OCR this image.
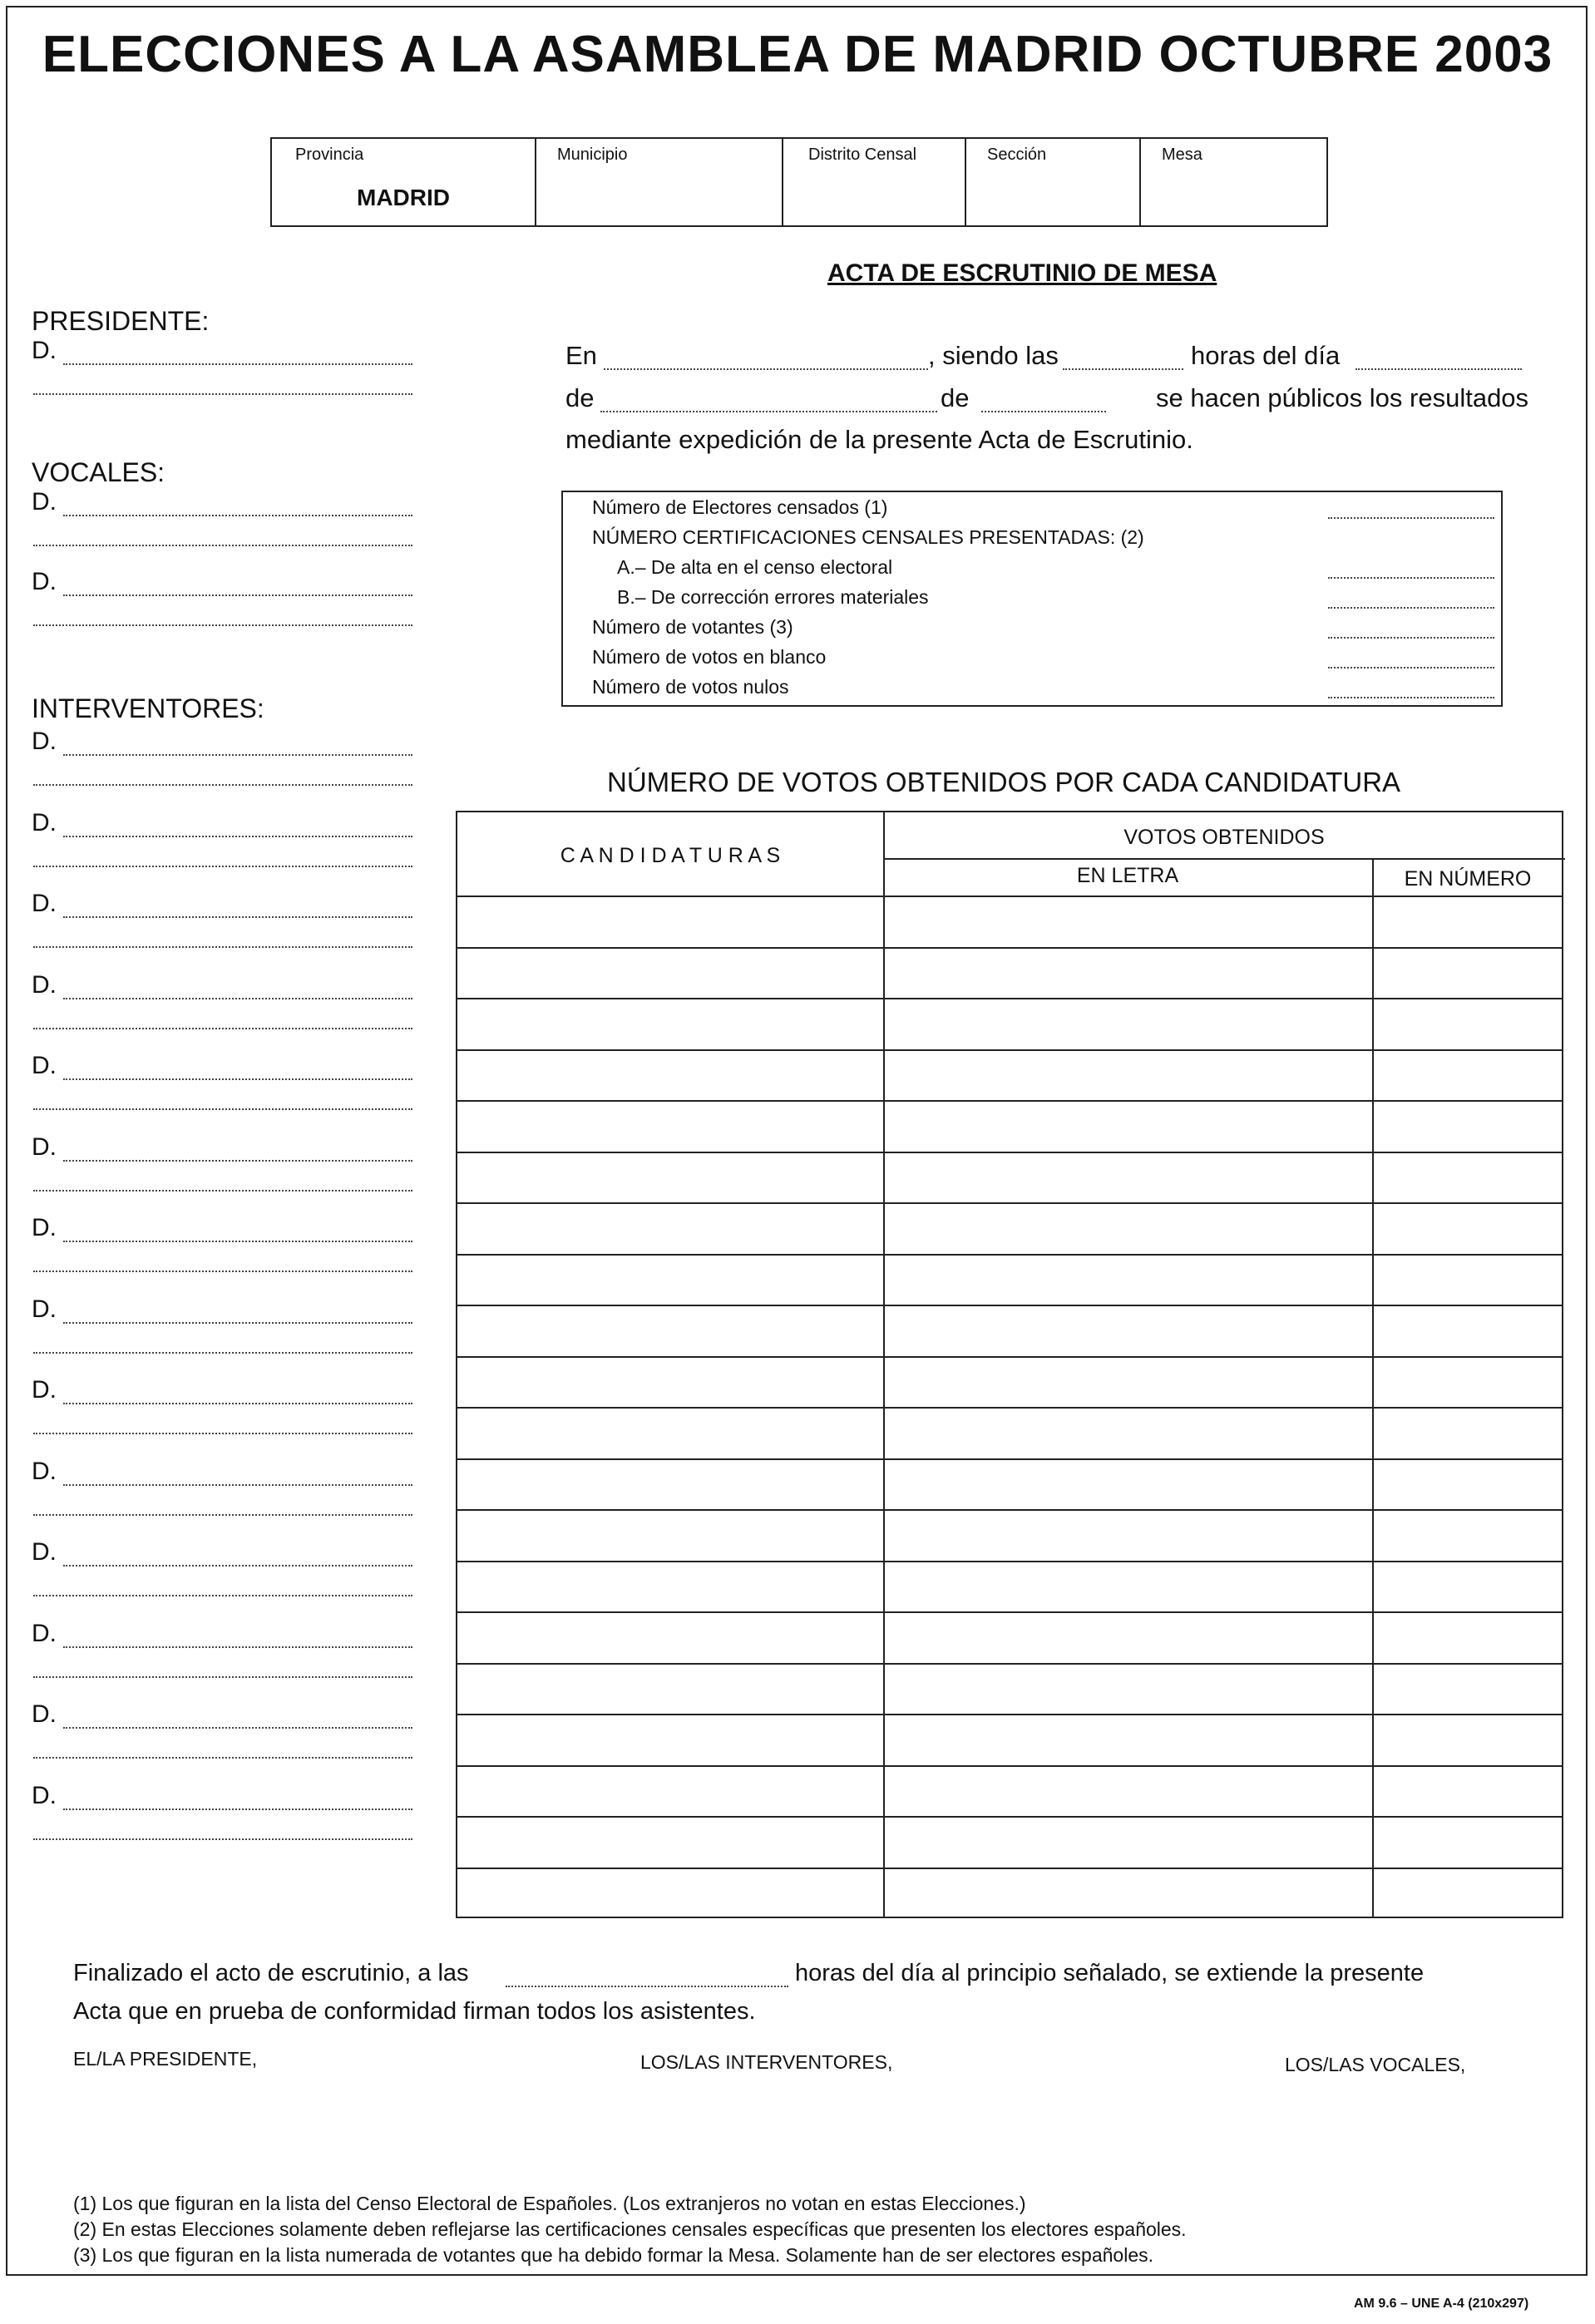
ELECCIONES A LA ASAMBLEA DE MADRID OCTUBRE 2003
Provincia
MADRID
Municipio	Distrito Censal	Sección	Mesa
ACTA DE ESCRUTINIO DE MESA
PRESIDENTE:
VOCALES:
INTERVENTORES:
D.
D.
D.
D.
D.
D.
D.
D.
D.
D.
D.
D.
D.
D.
D.
D.
D.
En	, siendo las	horas del día
de	de	se hacen públicos los resultados
mediante expedición de la presente Acta de Escrutinio.
Número de Electores censados (1)
NÚMERO CERTIFICACIONES CENSALES PRESENTADAS: (2)
A.– De alta en el censo electoral
B.– De corrección errores materiales
Número de votantes (3)
Número de votos en blanco
Número de votos nulos
NÚMERO DE VOTOS OBTENIDOS POR CADA CANDIDATURA
C A N D I D A T U R A S
VOTOS OBTENIDOS
EN LETRA	EN NÚMERO
Finalizado el acto de escrutinio, a las	horas del día al principio señalado, se extiende la presente
Acta que en prueba de conformidad firman todos los asistentes.
EL/LA PRESIDENTE,	LOS/LAS INTERVENTORES,	LOS/LAS VOCALES,
(1) Los que figuran en la lista del Censo Electoral de Españoles. (Los extranjeros no votan en estas Elecciones.)
(2) En estas Elecciones solamente deben reflejarse las certificaciones censales específicas que presenten los electores españoles.
(3) Los que figuran en la lista numerada de votantes que ha debido formar la Mesa. Solamente han de ser electores españoles.
AM 9.6 – UNE A-4 (210x297)
